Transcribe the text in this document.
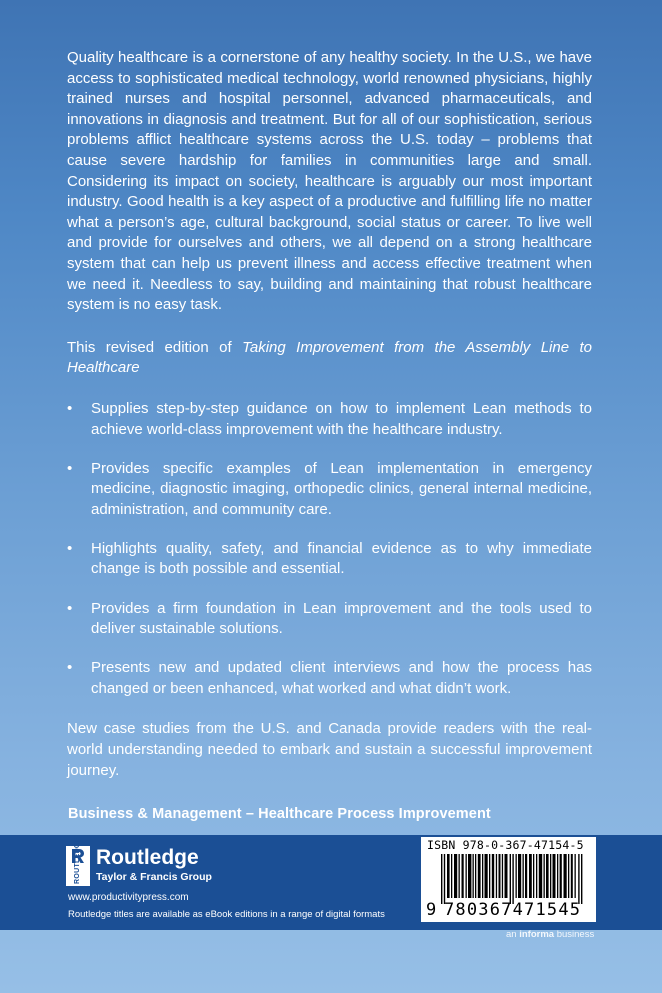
Quality healthcare is a cornerstone of any healthy society. In the U.S., we have access to sophisticated medical technology, world renowned physicians, highly trained nurses and hospital personnel, advanced pharmaceuticals, and innovations in diagnosis and treatment. But for all of our sophistication, serious problems afflict healthcare systems across the U.S. today – problems that cause severe hardship for families in communities large and small. Considering its impact on society, healthcare is arguably our most important industry. Good health is a key aspect of a productive and fulfilling life no matter what a person’s age, cultural background, social status or career. To live well and provide for ourselves and others, we all depend on a strong healthcare system that can help us prevent illness and access effective treatment when we need it. Needless to say, building and maintaining that robust healthcare system is no easy task.

This revised edition of Taking Improvement from the Assembly Line to Healthcare

• Supplies step-by-step guidance on how to implement Lean methods to achieve world-class improvement with the healthcare industry.
• Provides specific examples of Lean implementation in emergency medicine, diagnostic imaging, orthopedic clinics, general internal medicine, administration, and community care.
• Highlights quality, safety, and financial evidence as to why immediate change is both possible and essential.
• Provides a firm foundation in Lean improvement and the tools used to deliver sustainable solutions.
• Presents new and updated client interviews and how the process has changed or been enhanced, what worked and what didn’t work.

New case studies from the U.S. and Canada provide readers with the real-world understanding needed to embark and sustain a successful improvement journey.

Business & Management – Healthcare Process Improvement
ROUTLEDGE Routledge
Taylor & Francis Group
www.productivitypress.com
Routledge titles are available as eBook editions in a range of digital formats
ISBN 978-0-367-47154-5
9 780367471545
an informa business
